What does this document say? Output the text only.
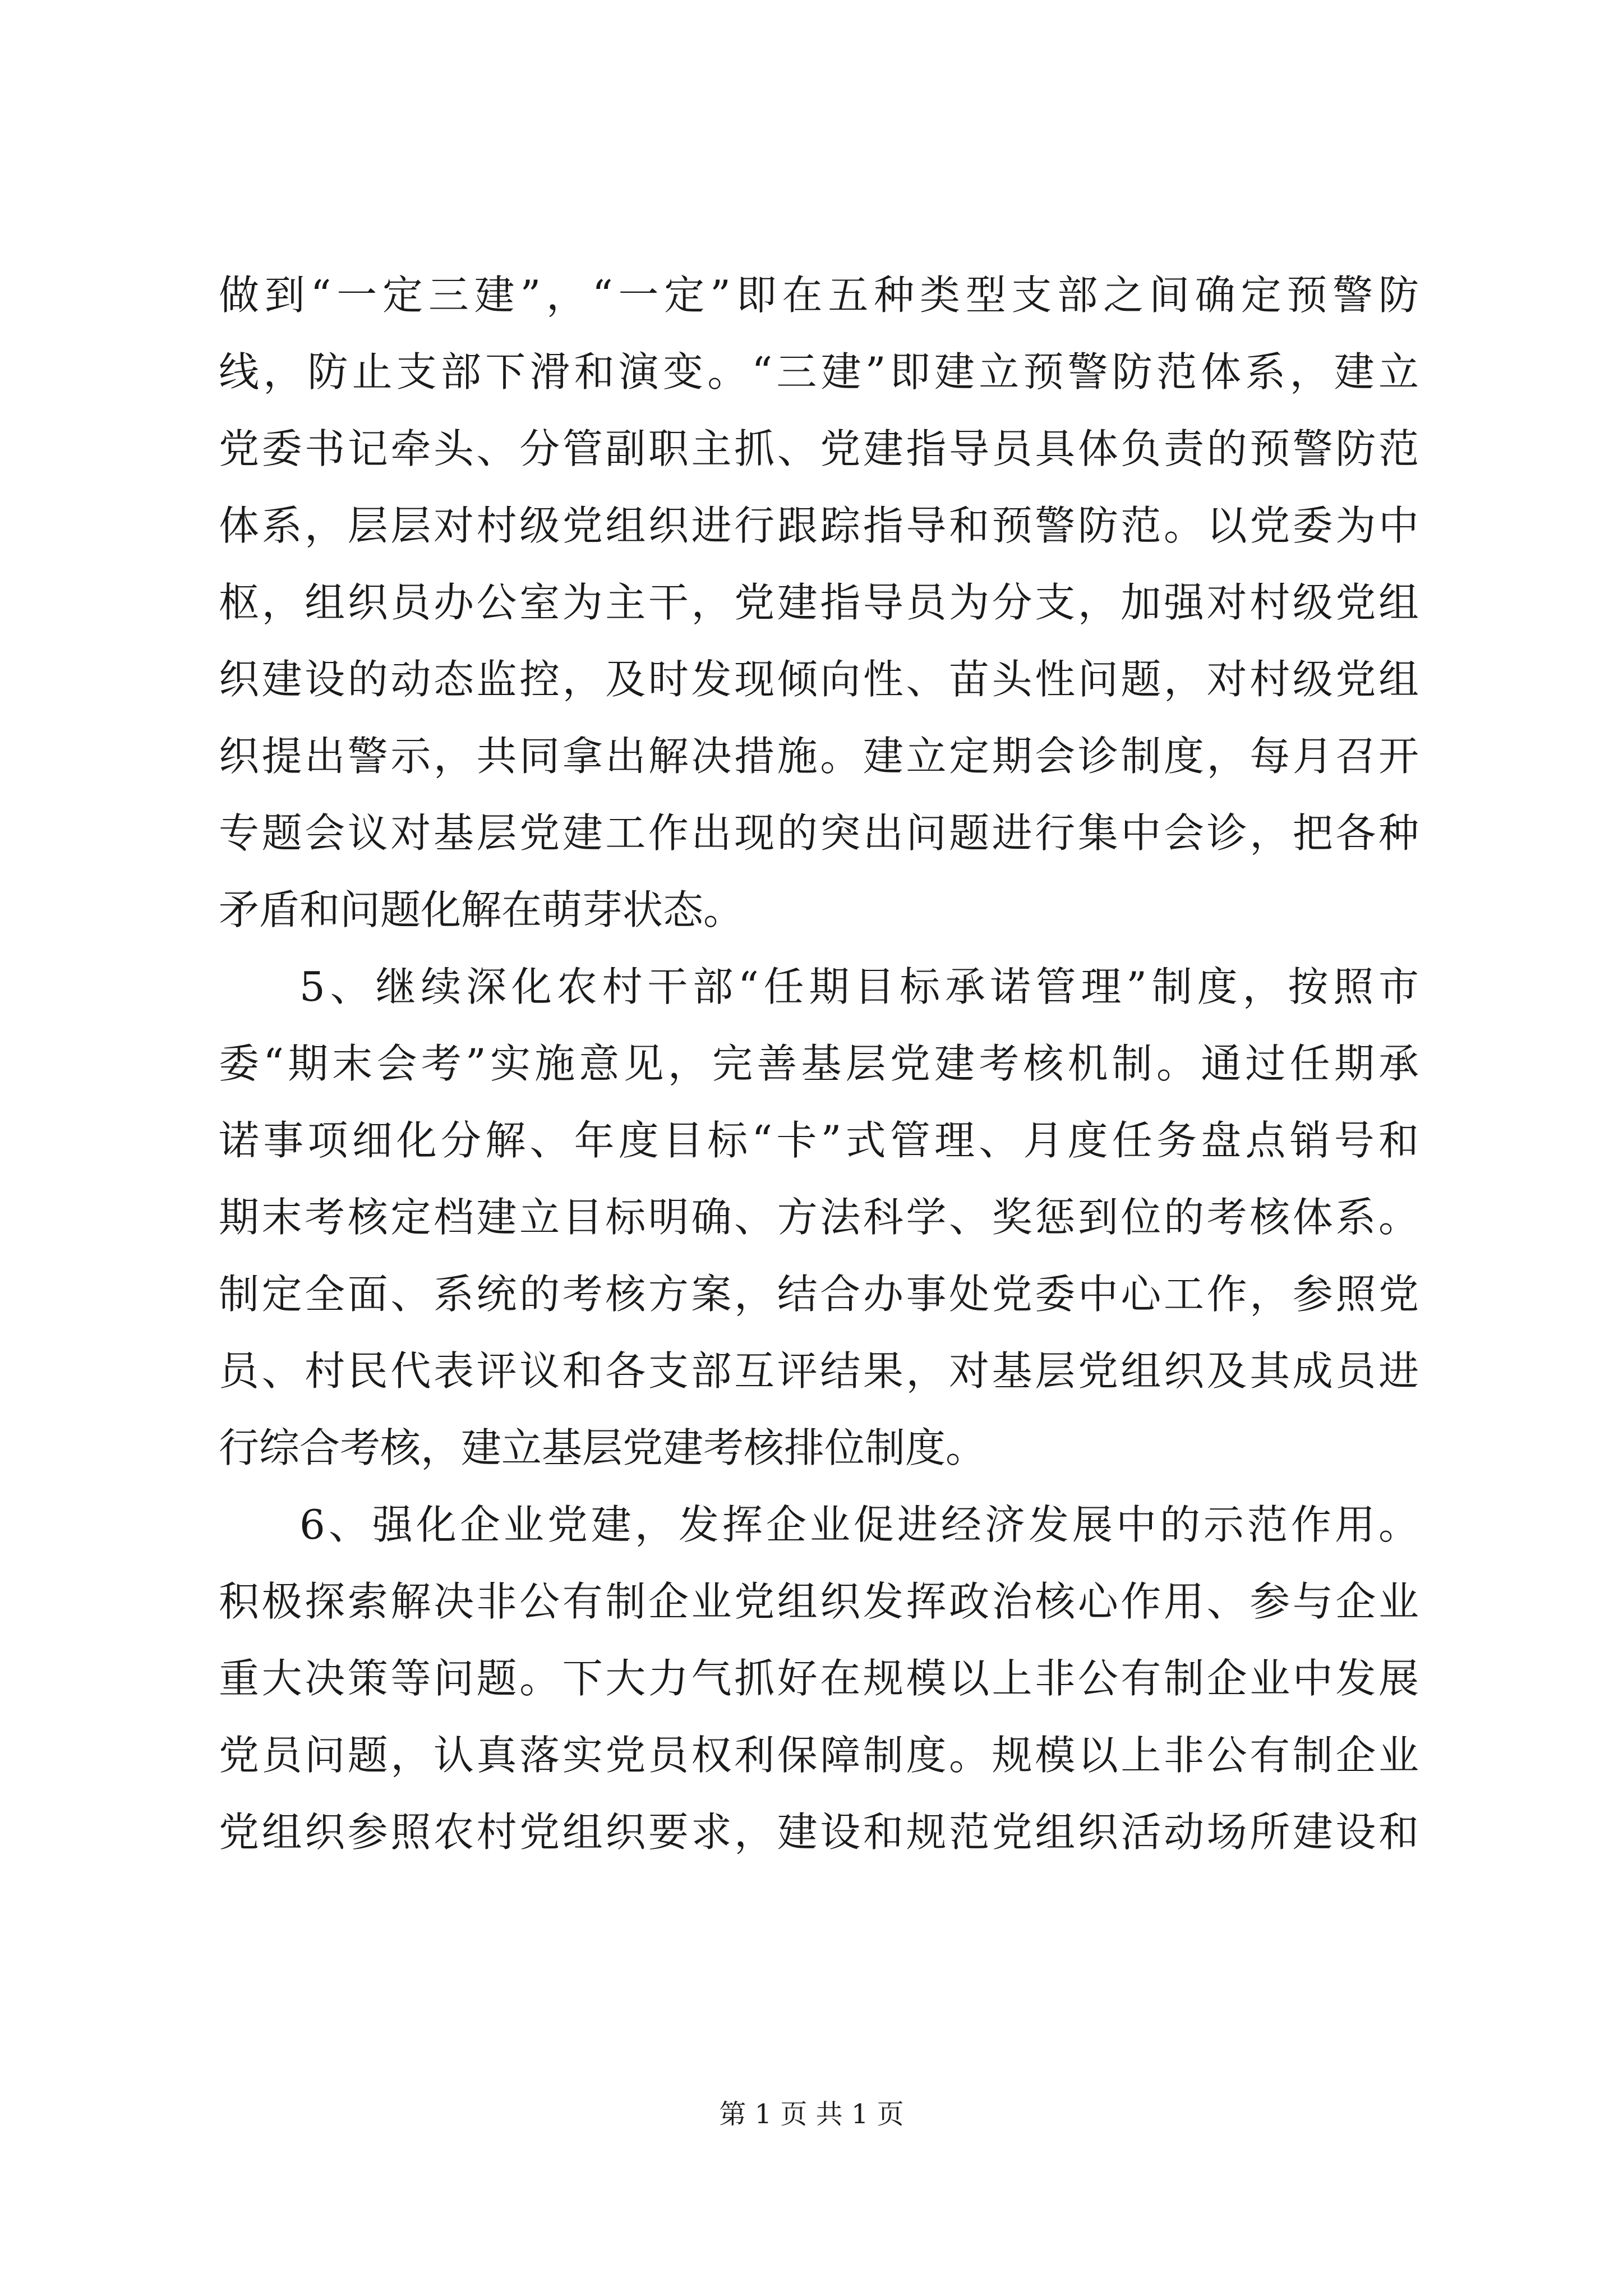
做到“一定三建”，“一定”即在五种类型支部之间确定预警防
线，防止支部下滑和演变。“三建”即建立预警防范体系，建立
党委书记牵头、分管副职主抓、党建指导员具体负责的预警防范
体系，层层对村级党组织进行跟踪指导和预警防范。以党委为中
枢，组织员办公室为主干，党建指导员为分支，加强对村级党组
织建设的动态监控，及时发现倾向性、苗头性问题，对村级党组
织提出警示，共同拿出解决措施。建立定期会诊制度，每月召开
专题会议对基层党建工作出现的突出问题进行集中会诊，把各种
矛盾和问题化解在萌芽状态。
5、继续深化农村干部“任期目标承诺管理”制度，按照市
委“期末会考”实施意见，完善基层党建考核机制。通过任期承
诺事项细化分解、年度目标“卡”式管理、月度任务盘点销号和
期末考核定档建立目标明确、方法科学、奖惩到位的考核体系。
制定全面、系统的考核方案，结合办事处党委中心工作，参照党
员、村民代表评议和各支部互评结果，对基层党组织及其成员进
行综合考核，建立基层党建考核排位制度。
6、强化企业党建，发挥企业促进经济发展中的示范作用。
积极探索解决非公有制企业党组织发挥政治核心作用、参与企业
重大决策等问题。下大力气抓好在规模以上非公有制企业中发展
党员问题，认真落实党员权利保障制度。规模以上非公有制企业
党组织参照农村党组织要求，建设和规范党组织活动场所建设和
第 1 页 共 1 页
